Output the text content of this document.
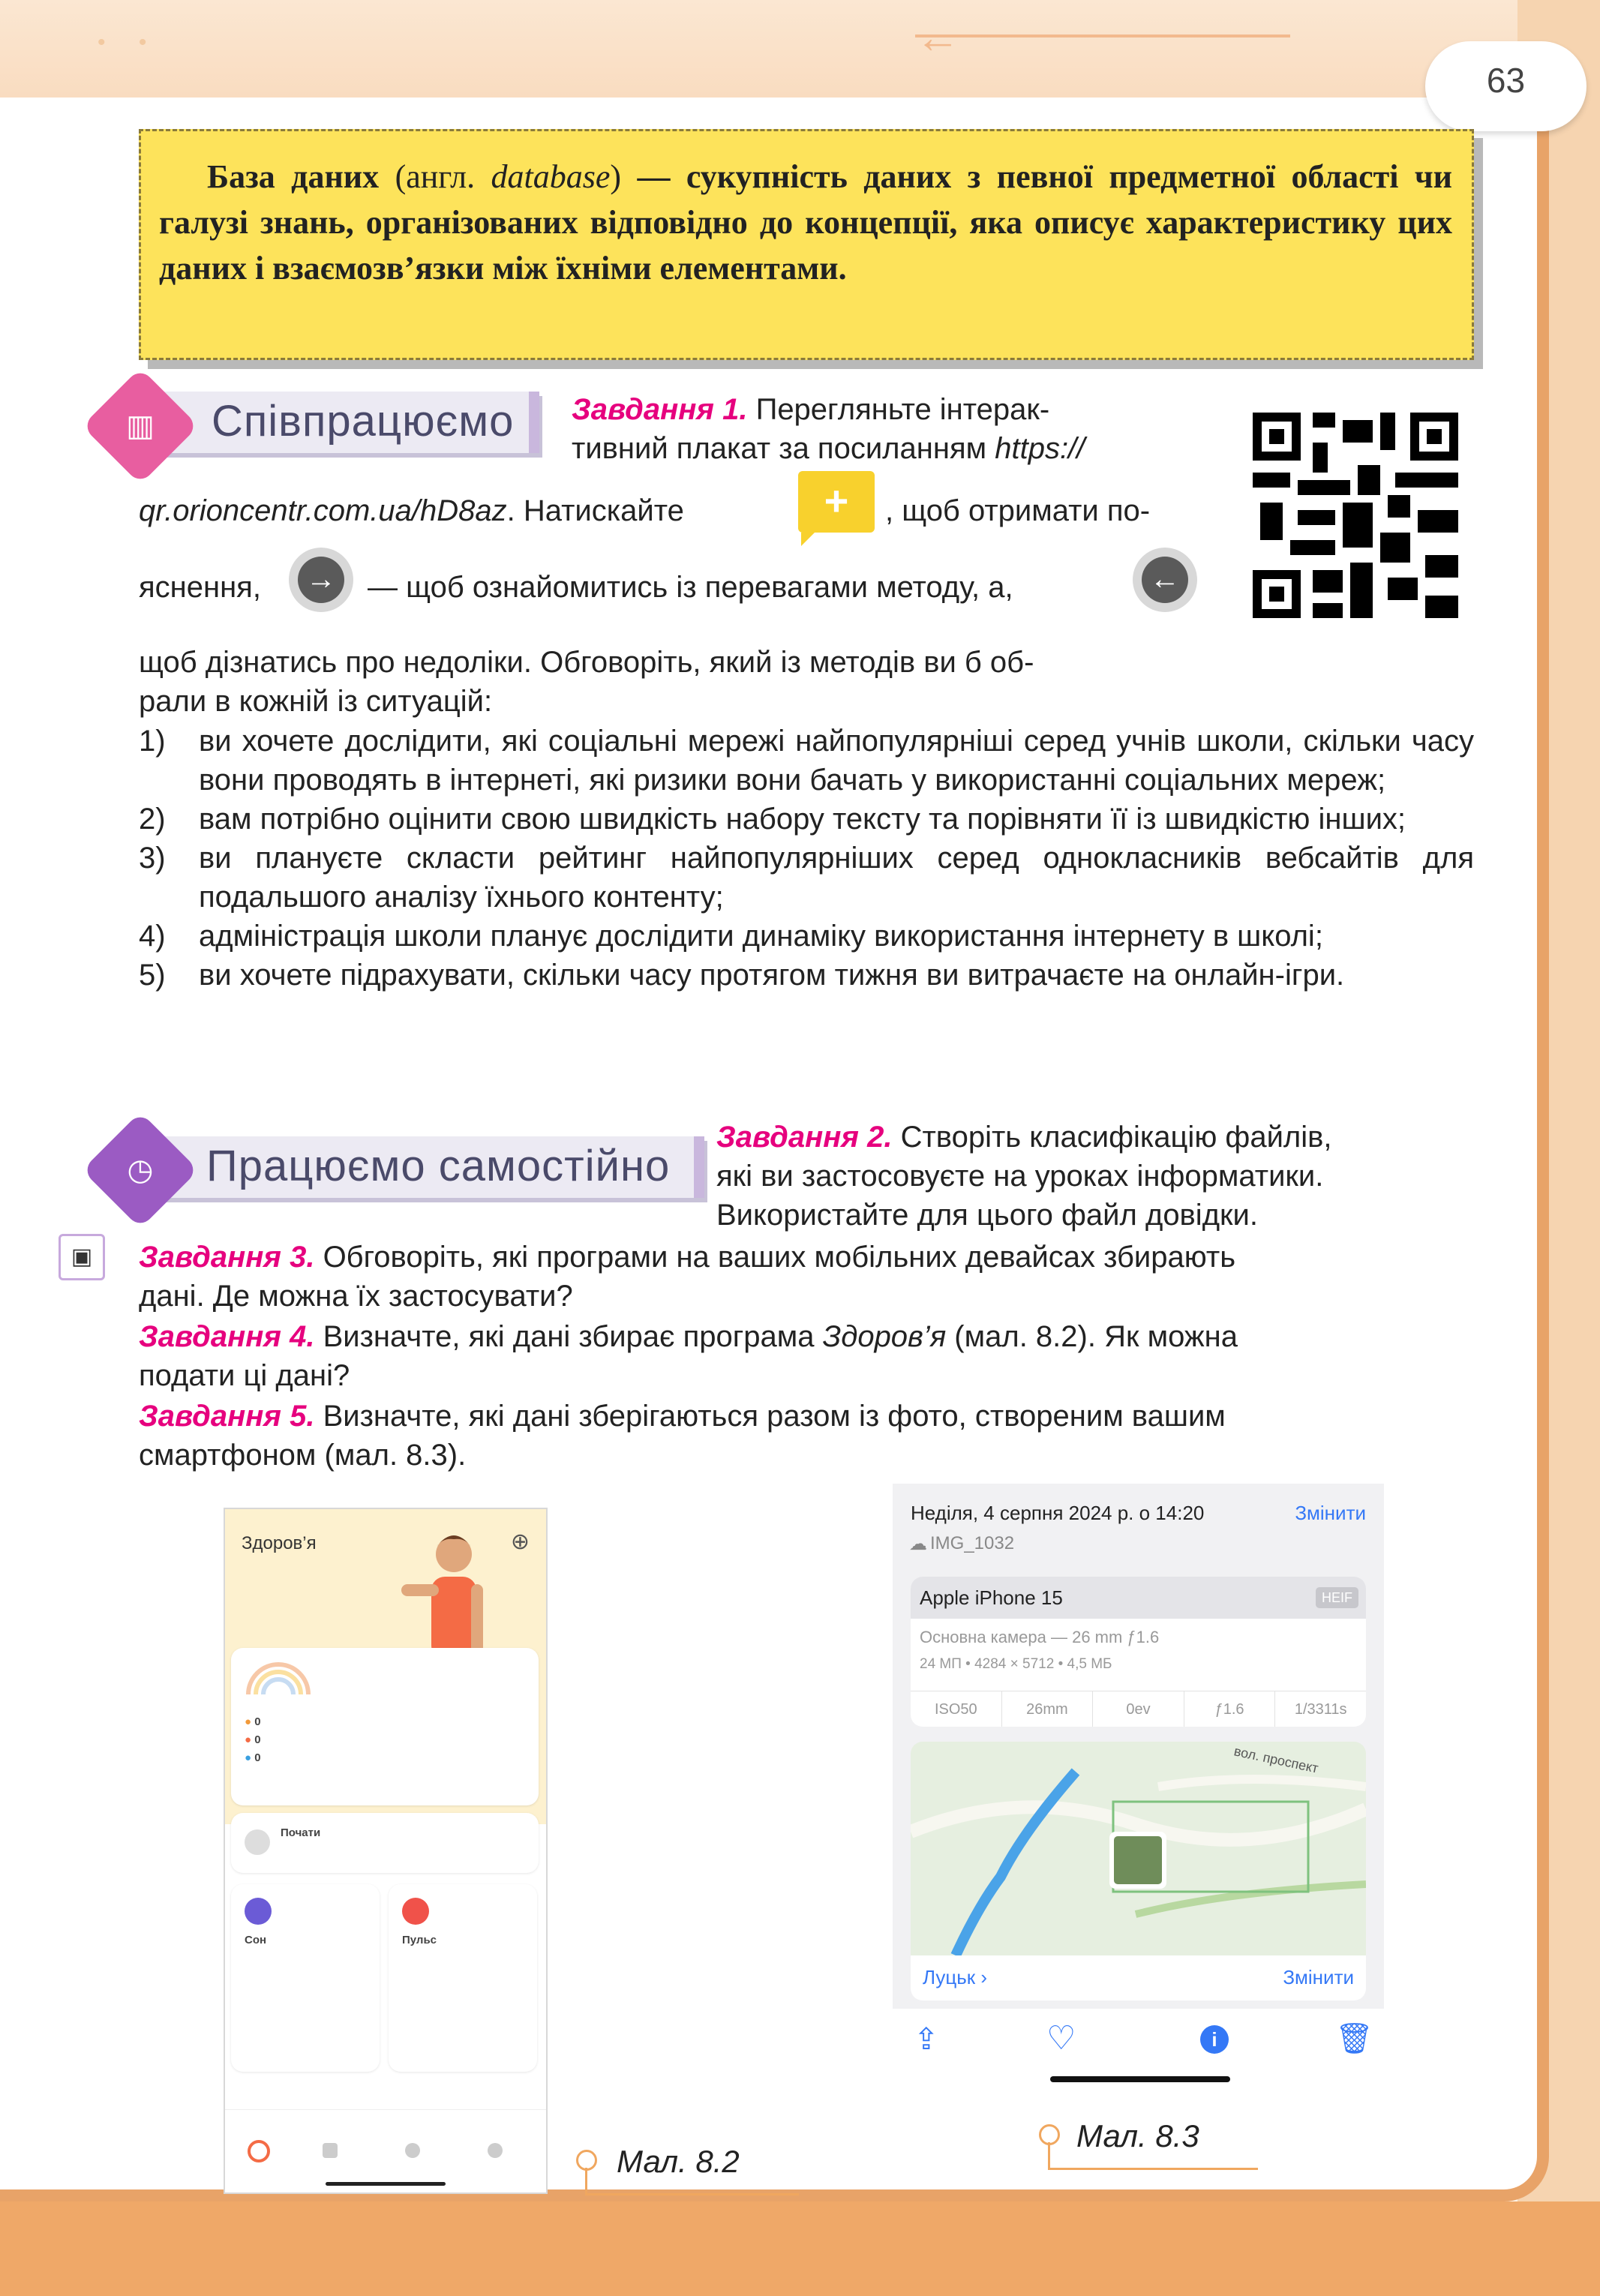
• •	←
63

База даних (англ. database) — сукупність даних з певної предметної області чи галузі знань, організованих відповідно до концепції, яка описує характеристику цих даних і взаємозв’язки між їхніми елементами.

▥	Співпрацюємо Завдання 1. Перегляньте інтерак-
тивний плакат за посиланням https://
qr.orioncentr.com.ua/hD8az. Натискайте	+	, щоб отримати по-
яснення, → — щоб ознайомитись із перевагами методу, а,	←
щоб дізнатись про недоліки. Обговоріть, який із методів ви б об-
рали в кожній із ситуацій:
1) ви хочете дослідити, які соціальні мережі найпопулярніші серед учнів школи, скільки часу вони проводять в інтернеті, які ризики вони бачать у використанні соціальних мереж;
2) вам потрібно оцінити свою швидкість набору тексту та порівняти її із швидкістю інших;
3) ви плануєте скласти рейтинг найпопулярніших серед однокласників вебсайтів для подальшого аналізу їхнього контенту;
4) адміністрація школи планує дослідити динаміку використання інтернету в школі;
5) ви хочете підрахувати, скільки часу протягом тижня ви витрачаєте на онлайн-ігри.
◷	Працюємо самостійно
Завдання 2. Створіть класифікацію файлів,
які ви застосовуєте на уроках інформатики.
Використайте для цього файл довідки.
▣	Завдання 3. Обговоріть, які програми на ваших мобільних девайсах збирають
дані. Де можна їх застосувати?
Завдання 4. Визначте, які дані збирає програма Здоров’я (мал. 8.2). Як можна
подати ці дані?
Завдання 5. Визначте, які дані зберігаються разом із фото, створеним вашим
смартфоном (мал. 8.3).
Здоров’я	⊕
● 0
● 0
● 0
Почати
Сон	Пульс
Мал. 8.2
Неділя, 4 серпня 2024 р. о 14:20	Змінити
☁ IMG_1032
Apple iPhone 15	HEIF
Основна камера — 26 mm ƒ1.6
24 МП • 4284 × 5712 • 4,5 МБ
ISO50	26mm	0ev	ƒ1.6	1/3311s
вол. проспект
Луцьк ›	Змінити
⇪	♡	i	🗑
Мал. 8.3
